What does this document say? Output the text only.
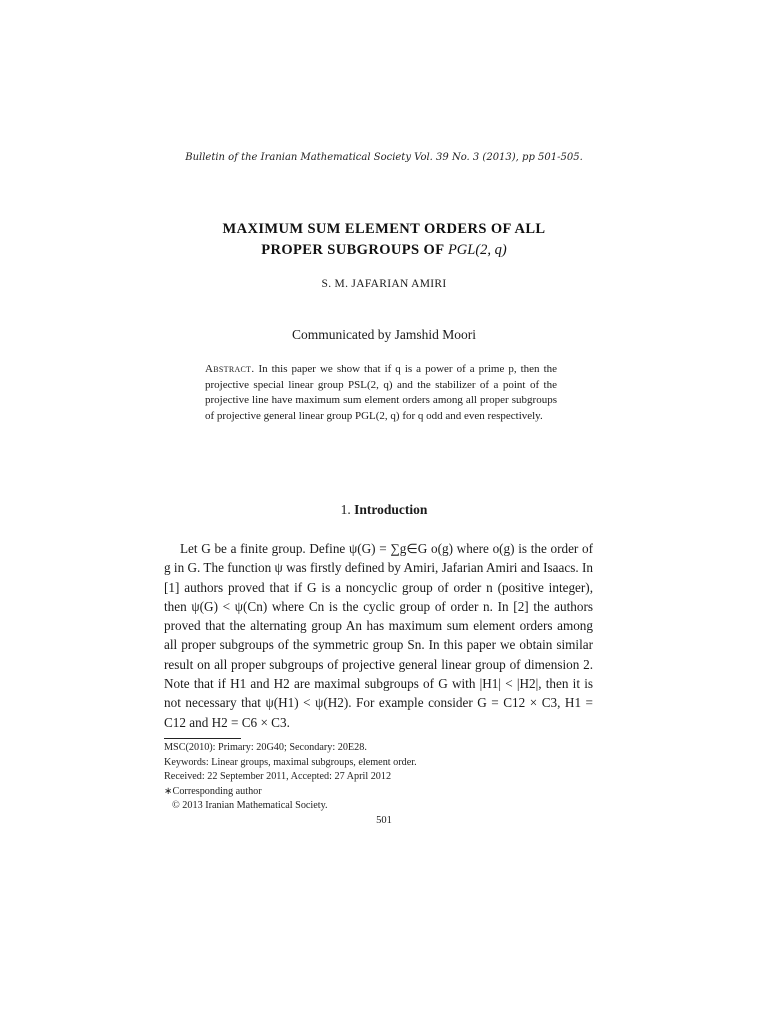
Bulletin of the Iranian Mathematical Society Vol. 39 No. 3 (2013), pp 501-505.
MAXIMUM SUM ELEMENT ORDERS OF ALL
PROPER SUBGROUPS OF PGL(2, q)
S. M. JAFARIAN AMIRI
Communicated by Jamshid Moori
Abstract. In this paper we show that if q is a power of a prime p, then the projective special linear group PSL(2, q) and the stabilizer of a point of the projective line have maximum sum element orders among all proper subgroups of projective general linear group PGL(2, q) for q odd and even respectively.
1. Introduction

Let G be a finite group. Define ψ(G) = ∑g∈G o(g) where o(g) is the order of g in G. The function ψ was firstly defined by Amiri, Jafarian Amiri and Isaacs. In [1] authors proved that if G is a noncyclic group of order n (positive integer), then ψ(G) < ψ(Cn) where Cn is the cyclic group of order n. In [2] the authors proved that the alternating group An has maximum sum element orders among all proper subgroups of the symmetric group Sn. In this paper we obtain similar result on all proper subgroups of projective general linear group of dimension 2. Note that if H1 and H2 are maximal subgroups of G with |H1| < |H2|, then it is not necessary that ψ(H1) < ψ(H2). For example consider G = C12 × C3, H1 = C12 and H2 = C6 × C3.

MSC(2010): Primary: 20G40; Secondary: 20E28.
Keywords: Linear groups, maximal subgroups, element order.
Received: 22 September 2011, Accepted: 27 April 2012
∗Corresponding author
© 2013 Iranian Mathematical Society.
501
